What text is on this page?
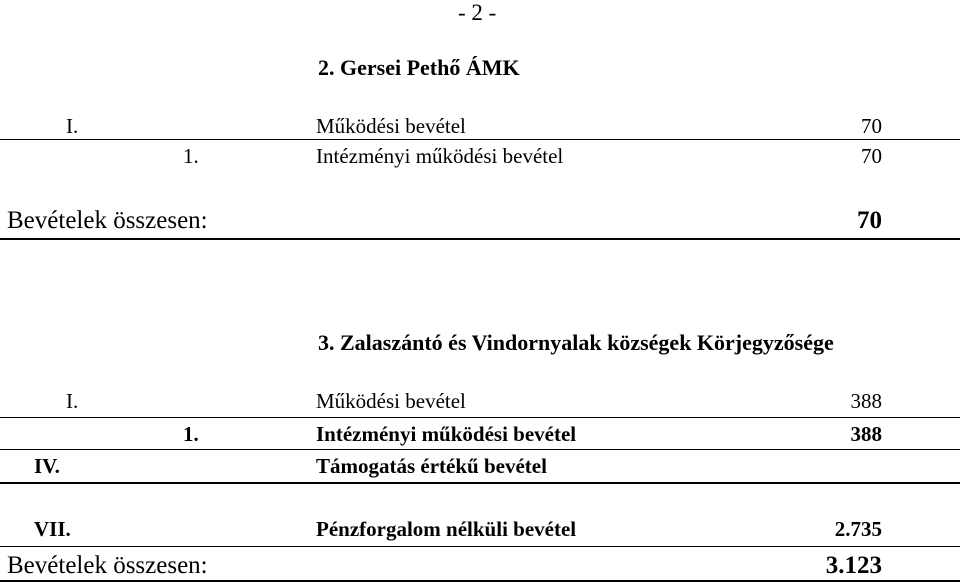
- 2 -
2. Gersei Pethő ÁMK
I.	Működési bevétel	70
1.	Intézményi működési bevétel	70
Bevételek összesen:	70
3. Zalaszántó és Vindornyalak községek Körjegyzősége
I.	Működési bevétel	388
1.	Intézményi működési bevétel	388
IV.	Támogatás értékű bevétel
VII.	Pénzforgalom nélküli bevétel	2.735
Bevételek összesen:	3.123
